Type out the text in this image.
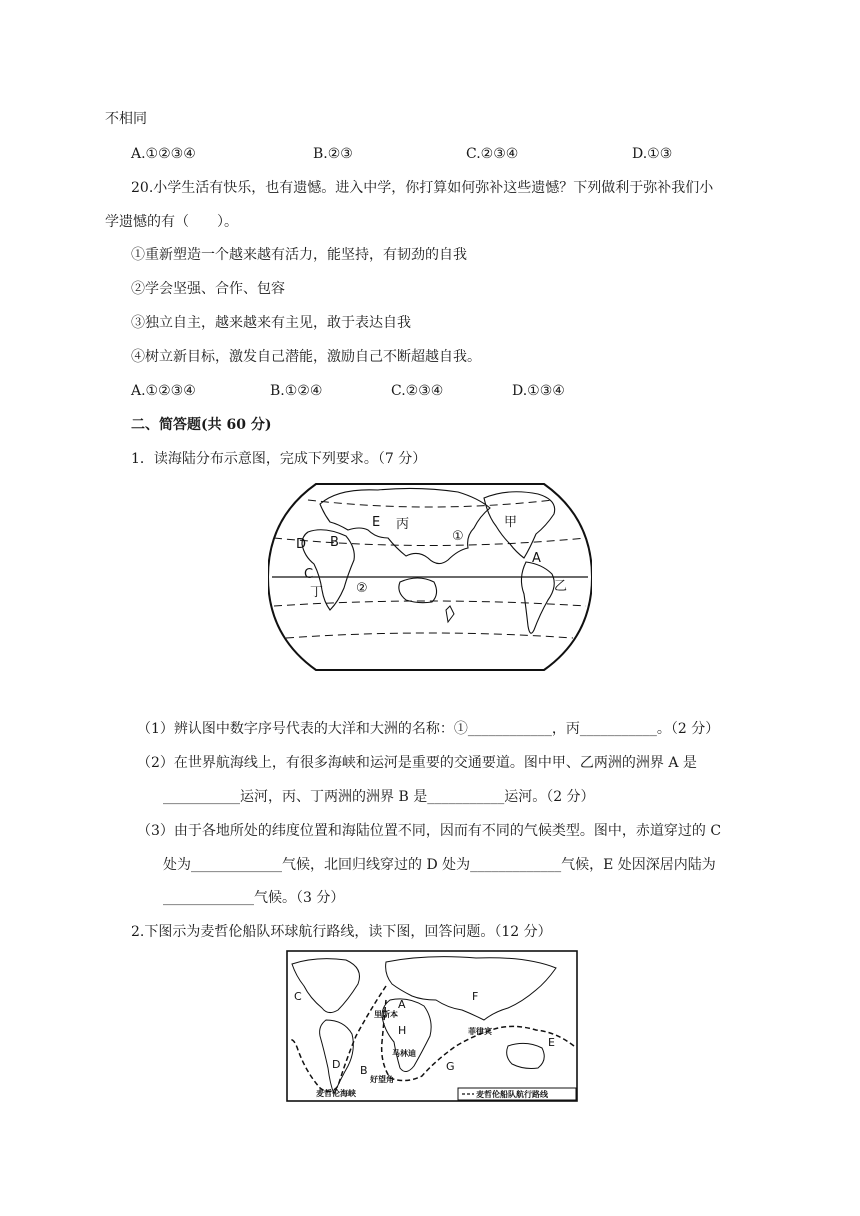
不相同
A.①②③④	B.②③	C.②③④	D.①③
20.小学生活有快乐，也有遗憾。进入中学，你打算如何弥补这些遗憾？下列做利于弥补我们小
学遗憾的有（　　）。
①重新塑造一个越来越有活力，能坚持，有韧劲的自我
②学会坚强、合作、包容
③独立自主，越来越来有主见，敢于表达自我
④树立新目标，激发自己潜能，激励自己不断超越自我。
A.①②③④	B.①②④	C.②③④	D.①③④
二、简答题(共 60 分)
1．读海陆分布示意图，完成下列要求。（7 分）
E 丙
①
甲
D B
A
C
②
丁	乙
（1）辨认图中数字序号代表的大洋和大洲的名称：①____________，丙___________。（2 分）
（2）在世界航海线上，有很多海峡和运河是重要的交通要道。图中甲、乙两洲的洲界 A 是
___________运河，丙、丁两洲的洲界 B 是___________运河。（2 分）
（3）由于各地所处的纬度位置和海陆位置不同，因而有不同的气候类型。图中，赤道穿过的 C
处为_____________气候，北回归线穿过的 D 处为_____________气候，E 处因深居内陆为
_____________气候。（3 分）
2.下图示为麦哲伦船队环球航行路线，读下图，回答问题。（12 分）
C
A
F
里斯本
H	菲律宾
E
D B
马林迪
G
好望角
麦哲伦海峡	麦哲伦船队航行路线
